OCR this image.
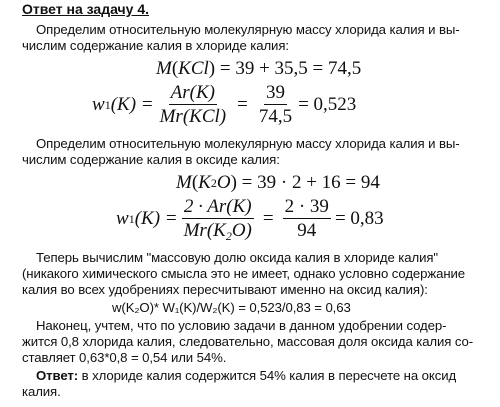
Ответ на задачу 4.
Определим относительную молекулярную массу хлорида калия и вы-
числим содержание калия в хлориде калия:
M ( KCl ) = 39 + 35,5 = 74,5
w 1 $(K) = \frac{Ar(K)}{\text{Mr(KCl)}} = \frac{39}{74,5} = 0,523$
Определим относительную молекулярную массу хлорида калия и вы-
числим содержание калия в оксиде калия:
M ( K 2 O ) = 39 · 2 + 16 = 94
w 1 $(K) = \frac{2 \cdot Ar(K)}{Mr(K_2O)} = \frac{2 \cdot 39}{94} = 0,83$
Теперь вычислим "массовую долю оксида калия в хлориде калия"
(никакого химического смысла это не имеет, однако условно содержание
калия во всех удобрениях пересчитывают именно на оксид калия):
w(K₂O)* W₁(K)/W₂(K) = 0,523/0,83 = 0,63
Наконец, учтем, что по условию задачи в данном удобрении содер-
жится 0,8 хлорида калия, следовательно, массовая доля оксида калия со-
ставляет 0,63*0,8 = 0,54 или 54%.
Ответ: в хлориде калия содержится 54% калия в пересчете на оксид
калия.
